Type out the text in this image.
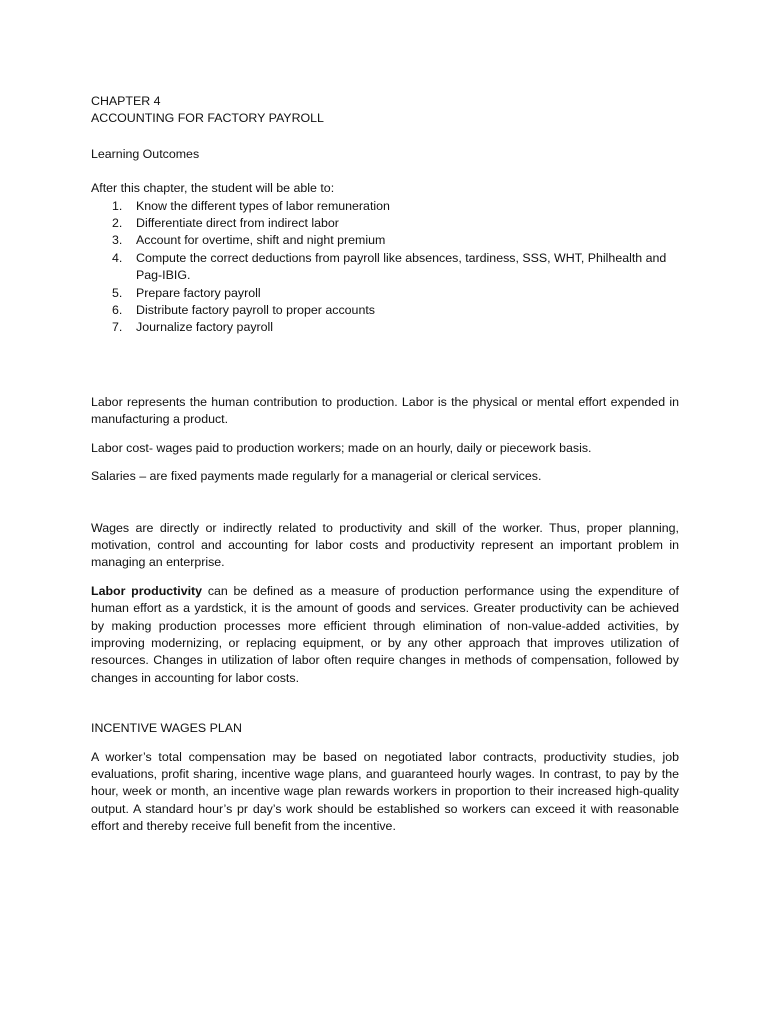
CHAPTER 4

ACCOUNTING FOR FACTORY PAYROLL

Learning Outcomes

After this chapter, the student will be able to:

1. Know the different types of labor remuneration
2. Differentiate direct from indirect labor
3. Account for overtime, shift and night premium
4. Compute the correct deductions from payroll like absences, tardiness, SSS, WHT, Philhealth and Pag-IBIG.
5. Prepare factory payroll
6. Distribute factory payroll to proper accounts
7. Journalize factory payroll

Labor represents the human contribution to production. Labor is the physical or mental effort expended in manufacturing a product.

Labor cost- wages paid to production workers; made on an hourly, daily or piecework basis.

Salaries – are fixed payments made regularly for a managerial or clerical services.

Wages are directly or indirectly related to productivity and skill of the worker. Thus, proper planning, motivation, control and accounting for labor costs and productivity represent an important problem in managing an enterprise.

Labor productivity can be defined as a measure of production performance using the expenditure of human effort as a yardstick, it is the amount of goods and services. Greater productivity can be achieved by making production processes more efficient through elimination of non-value-added activities, by improving modernizing, or replacing equipment, or by any other approach that improves utilization of resources. Changes in utilization of labor often require changes in methods of compensation, followed by changes in accounting for labor costs.

INCENTIVE WAGES PLAN

A worker’s total compensation may be based on negotiated labor contracts, productivity studies, job evaluations, profit sharing, incentive wage plans, and guaranteed hourly wages. In contrast, to pay by the hour, week or month, an incentive wage plan rewards workers in proportion to their increased high-quality output. A standard hour’s pr day’s work should be established so workers can exceed it with reasonable effort and thereby receive full benefit from the incentive.
